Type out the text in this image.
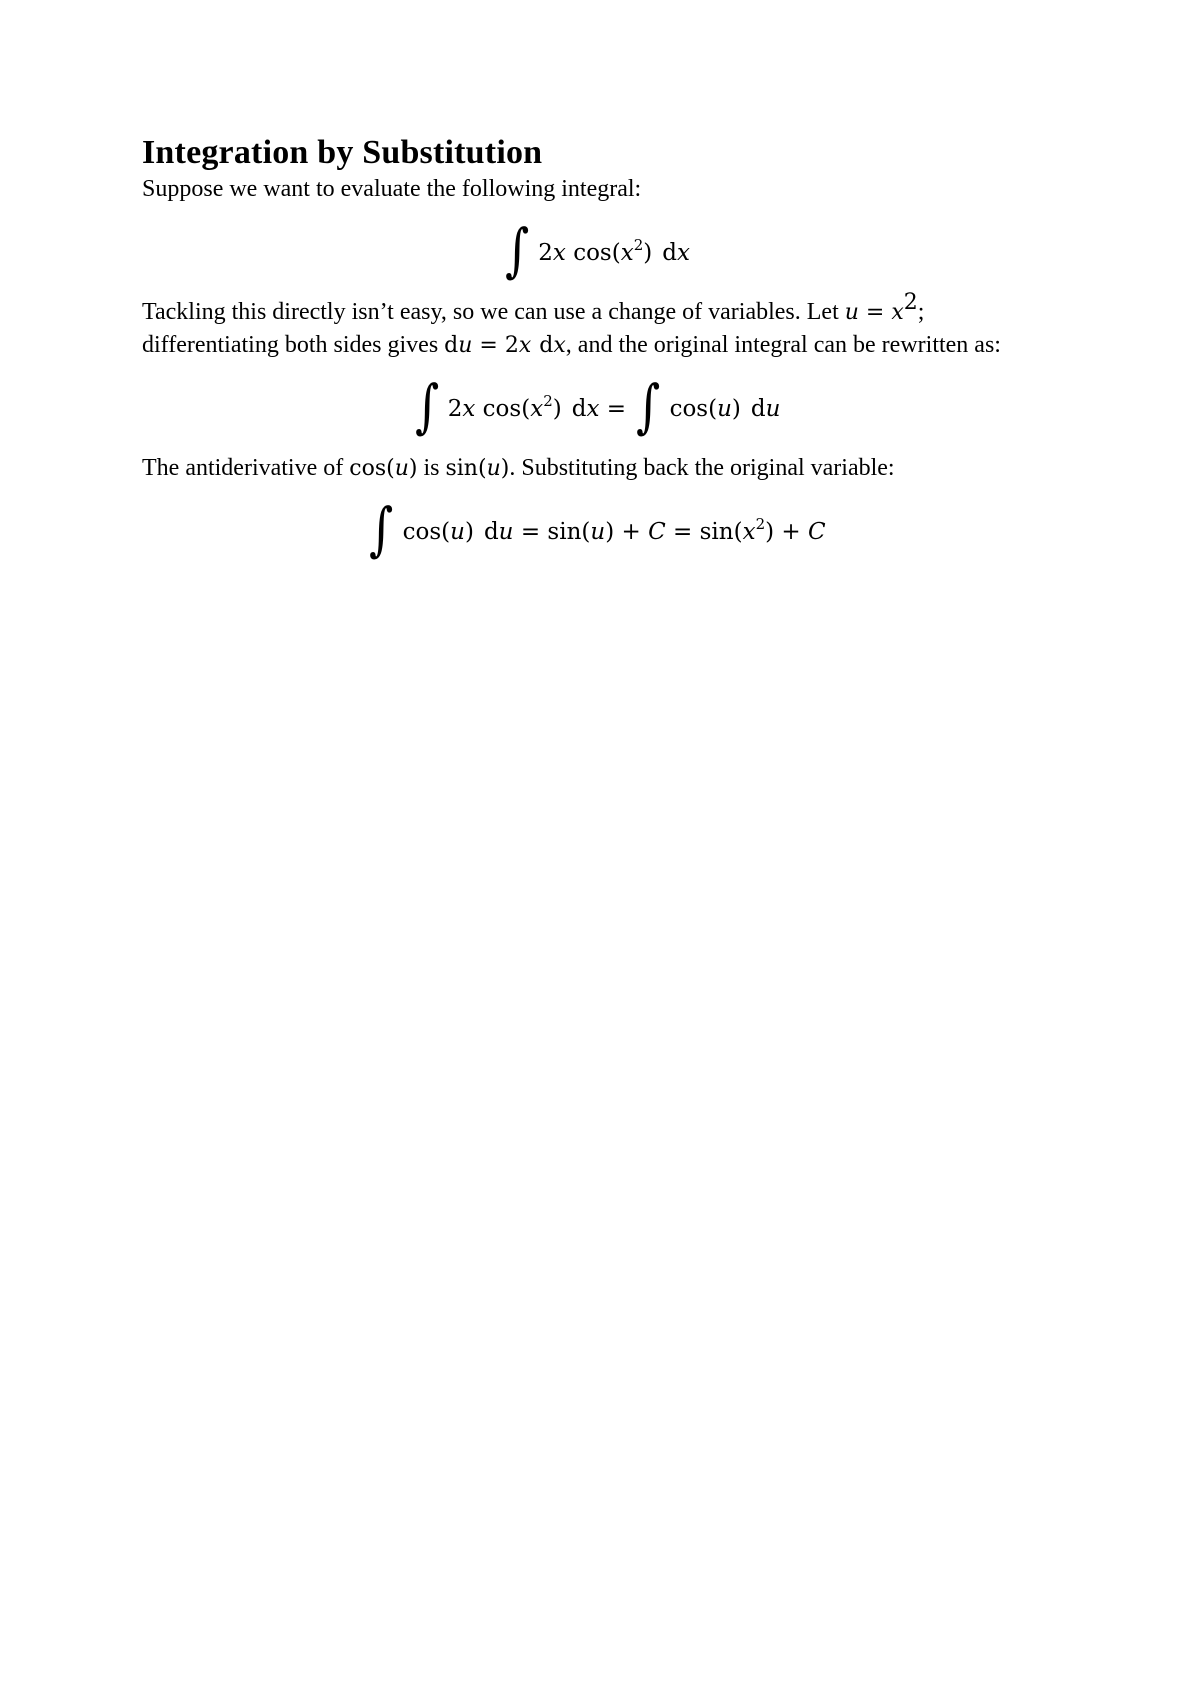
Integration by Substitution

Suppose we want to evaluate the following integral:

∫ 2x $\cos(x^2)$ dx

Tackling this directly isn’t easy, so we can use a change of variables. Let $u = x^2$;
differentiating both sides gives du = 2x dx, and the original integral can be rewritten as:

∫ 2x $\cos(x^2)$ dx = ∫ cos(u) du

The antiderivative of cos(u) is sin(u). Substituting back the original variable:

∫ cos(u) du = $\sin(u) + C = \sin(x^2) + C$
